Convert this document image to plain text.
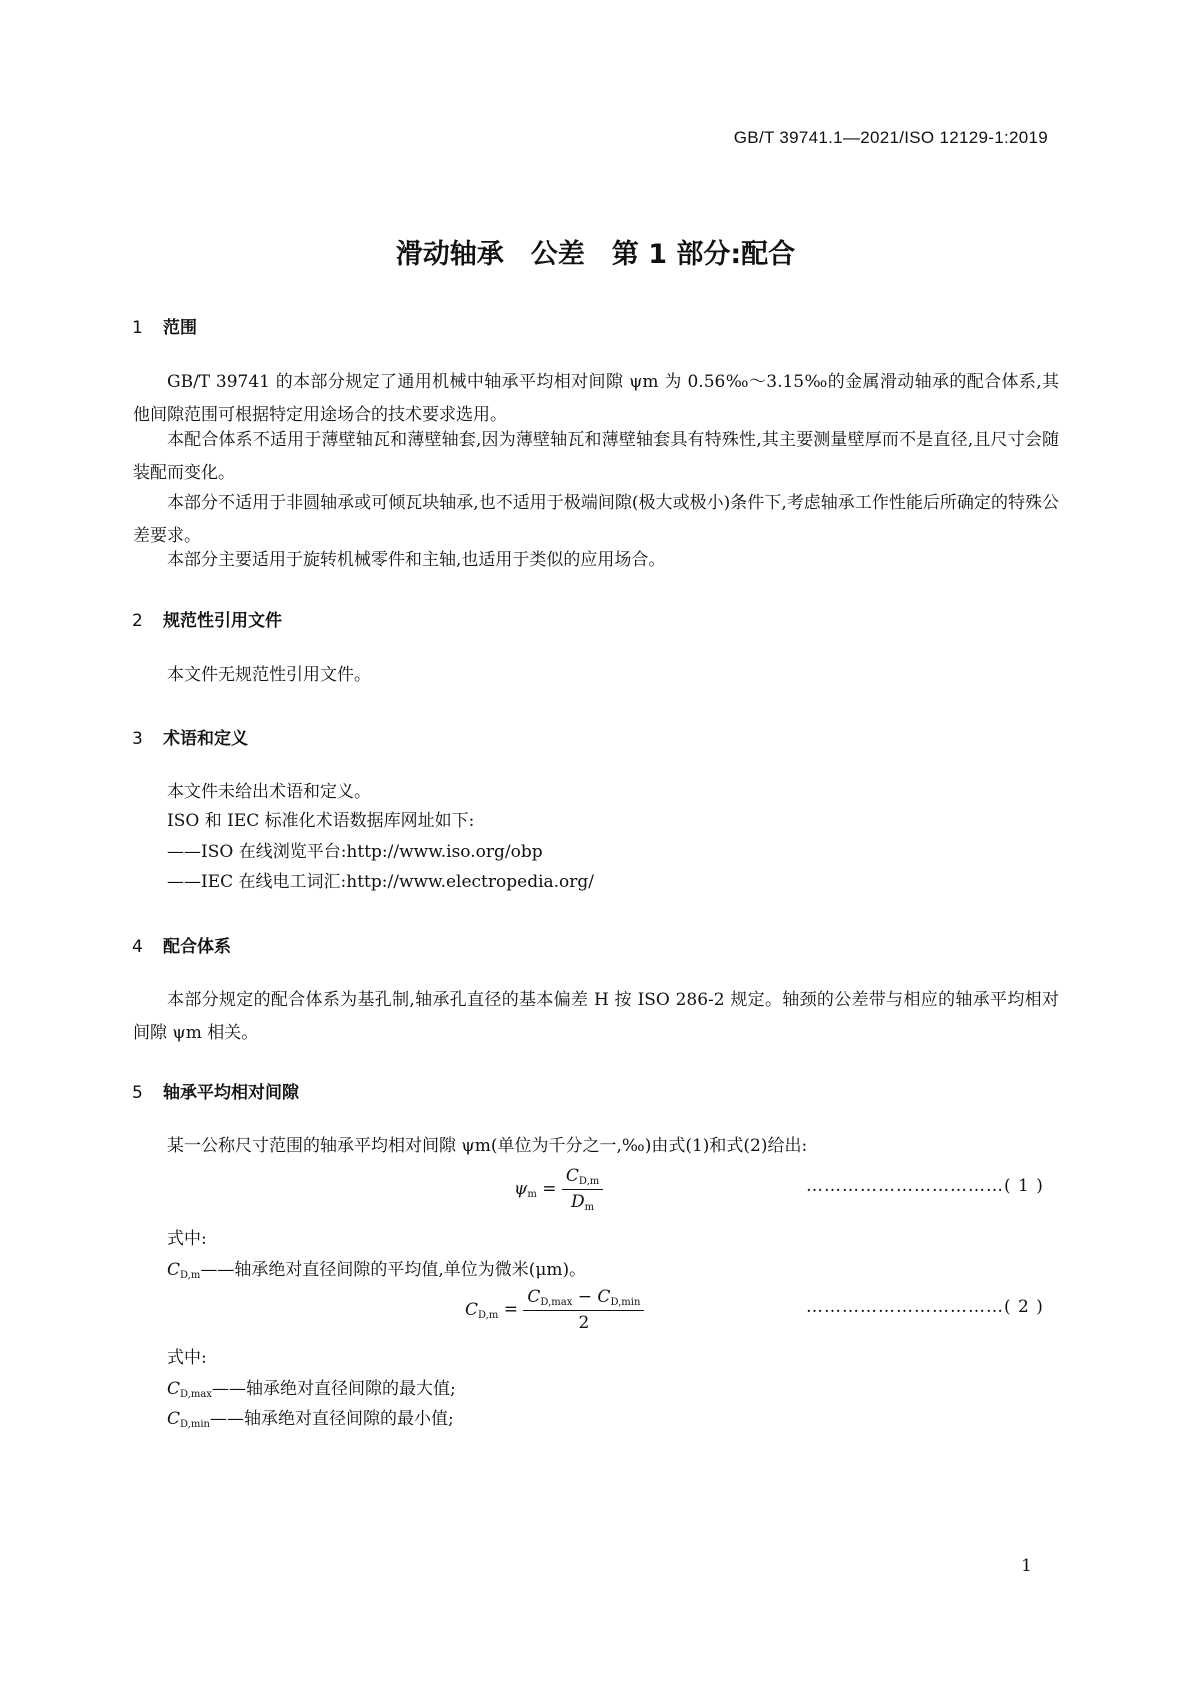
GB/T 39741.1—2021/ISO 12129-1:2019
滑动轴承　公差　第 1 部分:配合
1 范围
GB/T 39741 的本部分规定了通用机械中轴承平均相对间隙 ψm 为 0.56‰～3.15‰的金属滑动轴承的配合体系,其他间隙范围可根据特定用途场合的技术要求选用。
本配合体系不适用于薄壁轴瓦和薄壁轴套,因为薄壁轴瓦和薄壁轴套具有特殊性,其主要测量壁厚而不是直径,且尺寸会随装配而变化。
本部分不适用于非圆轴承或可倾瓦块轴承,也不适用于极端间隙(极大或极小)条件下,考虑轴承工作性能后所确定的特殊公差要求。
本部分主要适用于旋转机械零件和主轴,也适用于类似的应用场合。
2 规范性引用文件
本文件无规范性引用文件。
3 术语和定义
本文件未给出术语和定义。
ISO 和 IEC 标准化术语数据库网址如下:
——ISO 在线浏览平台:http://www.iso.org/obp
——IEC 在线电工词汇:http://www.electropedia.org/
4 配合体系
本部分规定的配合体系为基孔制,轴承孔直径的基本偏差 H 按 ISO 286-2 规定。轴颈的公差带与相应的轴承平均相对间隙 ψm 相关。
5 轴承平均相对间隙
某一公称尺寸范围的轴承平均相对间隙 ψm(单位为千分之一,‰)由式(1)和式(2)给出:
$\psi_m = \frac{C_{D,m}}{D_m}$	……………………………( 1 )
式中:
$C_{D,m}——$轴承绝对直径间隙的平均值,单位为微米(μm)。
$C_{D,m} = \frac{C_{D,max} - C_{D,min}}{2}$	……………………………( 2 )
式中:
$C_{D,max}——$轴承绝对直径间隙的最大值;
$C_{D,min}——$轴承绝对直径间隙的最小值;
1
